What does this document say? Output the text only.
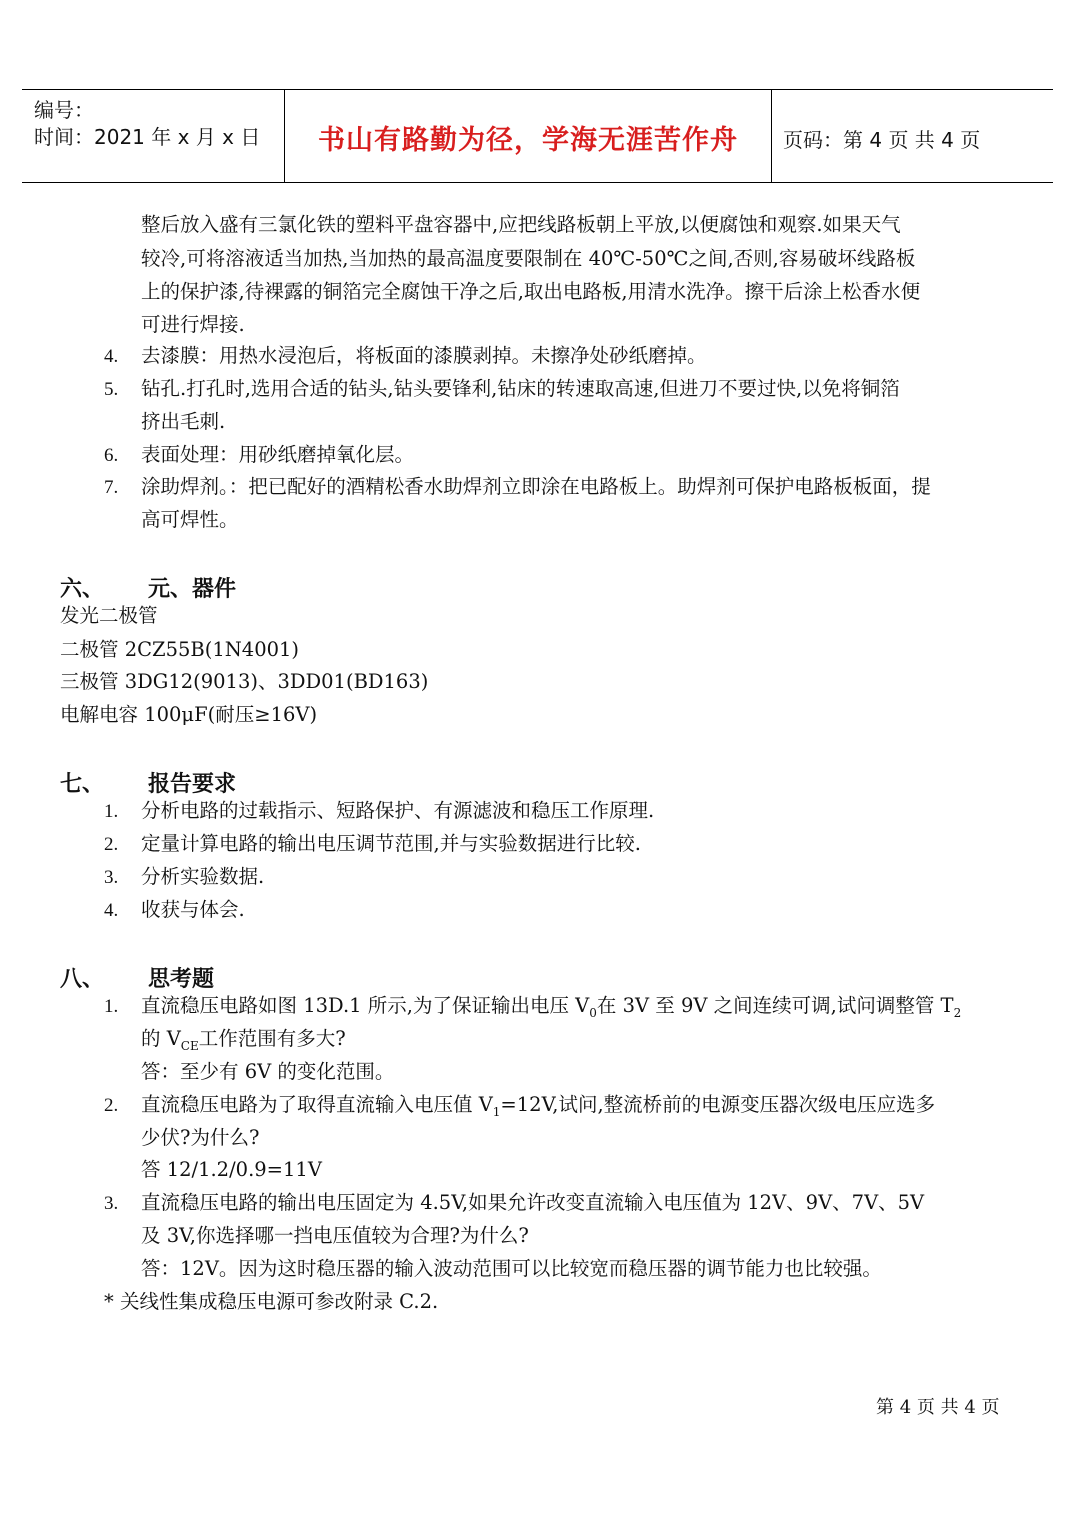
编号：
时间：2021 年 x 月 x 日	书山有路勤为径，学海无涯苦作舟	页码：第 4 页 共 4 页
整后放入盛有三氯化铁的塑料平盘容器中,应把线路板朝上平放,以便腐蚀和观察.如果天气
较冷,可将溶液适当加热,当加热的最高温度要限制在 40℃-50℃之间,否则,容易破坏线路板
上的保护漆,待裸露的铜箔完全腐蚀干净之后,取出电路板,用清水洗净。擦干后涂上松香水便
可进行焊接.
4. 去漆膜：用热水浸泡后，将板面的漆膜剥掉。未擦净处砂纸磨掉。
5. 钻孔.打孔时,选用合适的钻头,钻头要锋利,钻床的转速取高速,但进刀不要过快,以免将铜箔
挤出毛刺.
6. 表面处理：用砂纸磨掉氧化层。
7. 涂助焊剂。：把已配好的酒精松香水助焊剂立即涂在电路板上。助焊剂可保护电路板板面，提
高可焊性。
六、 元、器件
发光二极管
二极管 2CZ55B(1N4001)
三极管 3DG12(9013)、3DD01(BD163)
电解电容 100μF(耐压≥16V)
七、 报告要求
1. 分析电路的过载指示、短路保护、有源滤波和稳压工作原理.
2. 定量计算电路的输出电压调节范围,并与实验数据进行比较.
3. 分析实验数据.
4. 收获与体会.
八、 思考题
1. 直流稳压电路如图 13D.1 所示,为了保证输出电压 $V_0$在 3V 至 9V 之间连续可调,试问调整管 $T_2$
的 $V_{CE}$工作范围有多大?
答：至少有 6V 的变化范围。
2. 直流稳压电路为了取得直流输入电压值 $V_1=12V$,试问,整流桥前的电源变压器次级电压应选多
少伏?为什么?
答 12/1.2/0.9=11V
3. 直流稳压电路的输出电压固定为 4.5V,如果允许改变直流输入电压值为 12V、9V、7V、5V
及 3V,你选择哪一挡电压值较为合理?为什么?
答：12V。因为这时稳压器的输入波动范围可以比较宽而稳压器的调节能力也比较强。
* 关线性集成稳压电源可参改附录 C.2.
第 4 页 共 4 页
